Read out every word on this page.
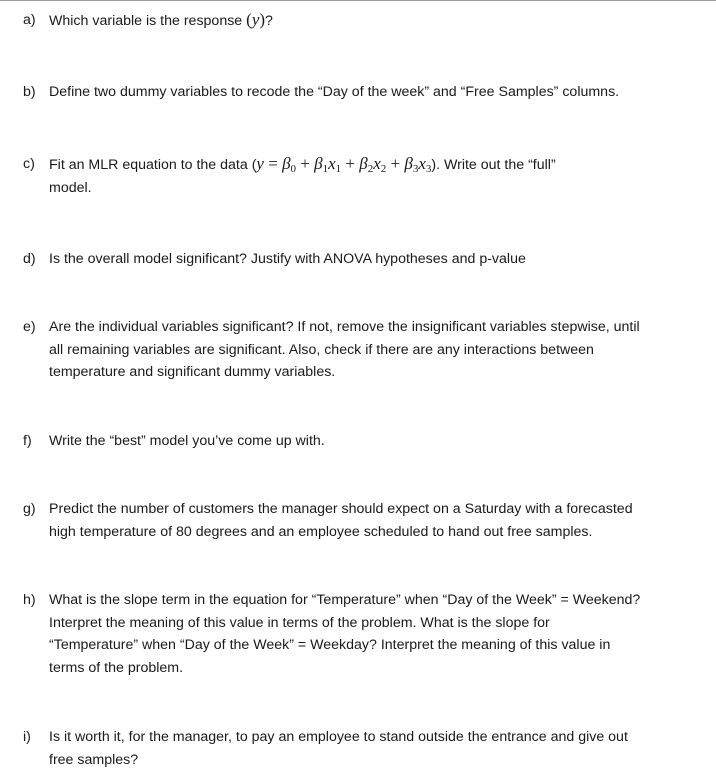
a) Which variable is the response (y)?
b) Define two dummy variables to recode the “Day of the week” and “Free Samples” columns.
c) Fit an MLR equation to the data $(y = \beta_0 + \beta_1x_1 + \beta_2x_2 + \beta_3x_3)$. Write out the “full”
model.
d) Is the overall model significant? Justify with ANOVA hypotheses and p-value
e) Are the individual variables significant? If not, remove the insignificant variables stepwise, until
all remaining variables are significant. Also, check if there are any interactions between
temperature and significant dummy variables.
f) Write the “best” model you’ve come up with.
g) Predict the number of customers the manager should expect on a Saturday with a forecasted
high temperature of 80 degrees and an employee scheduled to hand out free samples.
h) What is the slope term in the equation for “Temperature” when “Day of the Week” = Weekend?
Interpret the meaning of this value in terms of the problem. What is the slope for
“Temperature” when “Day of the Week” = Weekday? Interpret the meaning of this value in
terms of the problem.
i) Is it worth it, for the manager, to pay an employee to stand outside the entrance and give out
free samples?
